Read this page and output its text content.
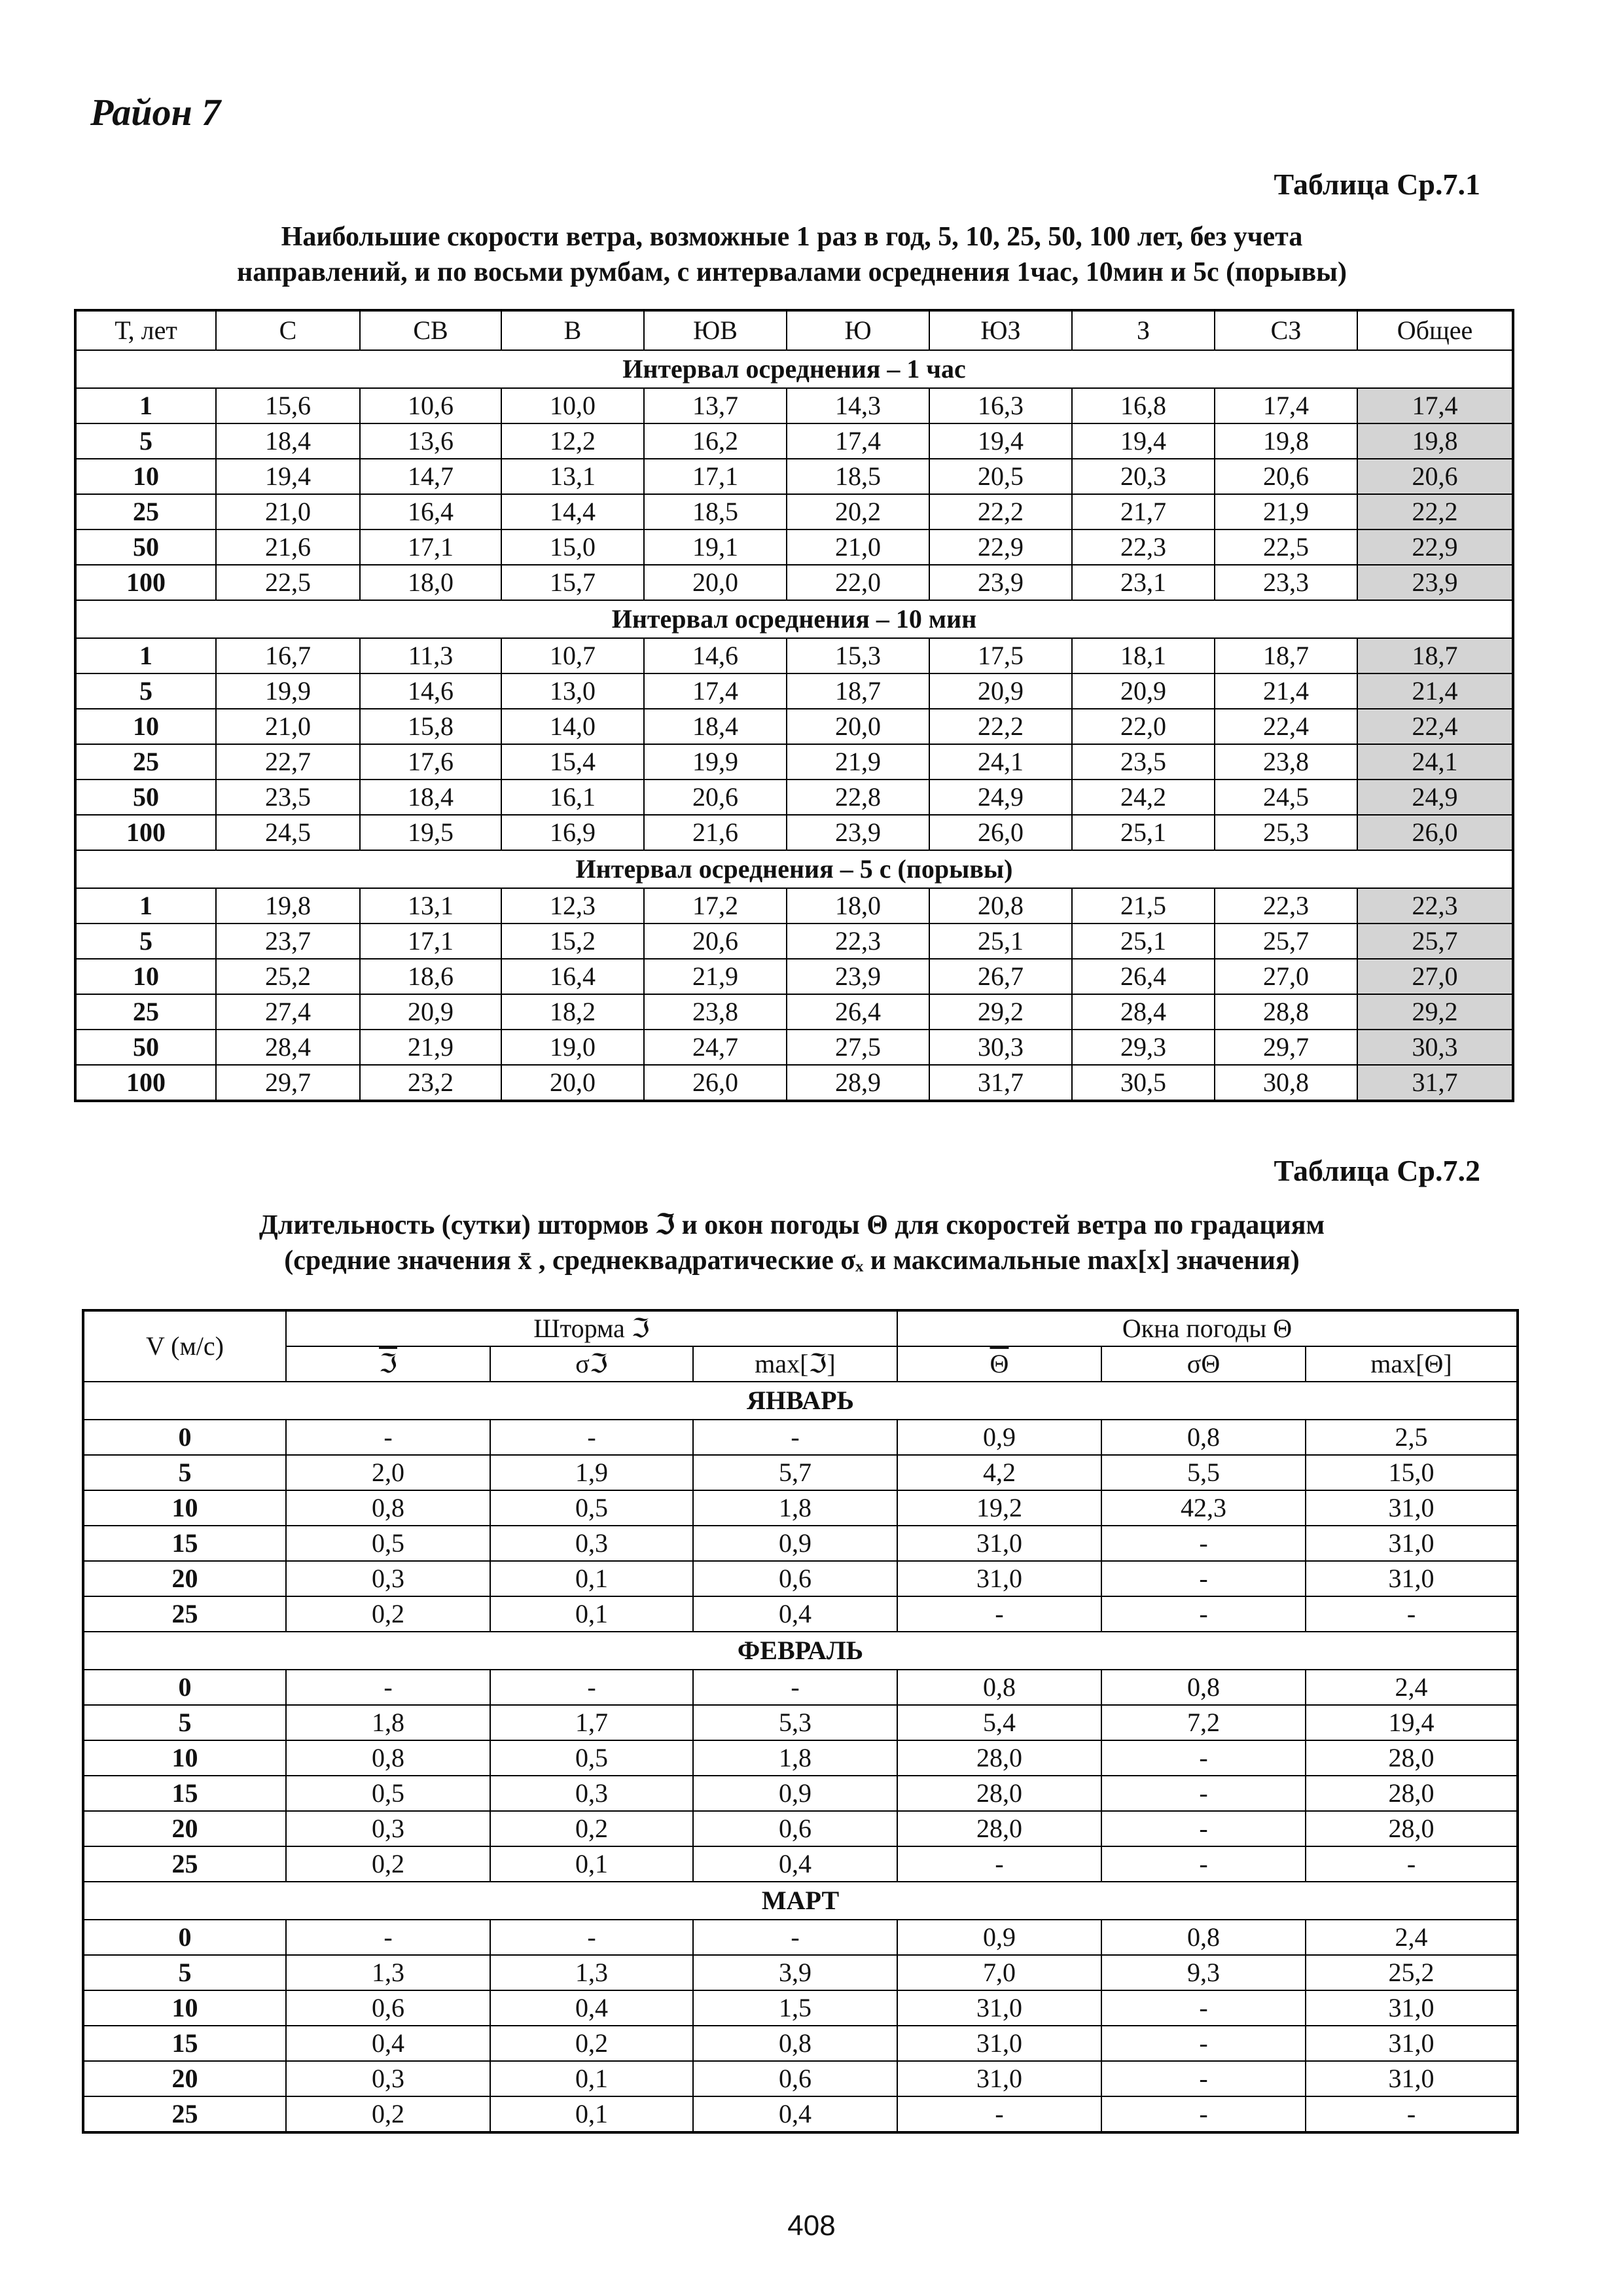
Район 7
Таблица Ср.7.1
Наибольшие скорости ветра, возможные 1 раз в год, 5, 10, 25, 50, 100 лет, без учета
направлений, и по восьми румбам, с интервалами осреднения 1час, 10мин и 5с (порывы)
Т, лет	С	СВ	В	ЮВ	Ю	ЮЗ	З	СЗ	Общее
Интервал осреднения – 1 час									
1	15,6	10,6	10,0	13,7	14,3	16,3	16,8	17,4	17,4
5	18,4	13,6	12,2	16,2	17,4	19,4	19,4	19,8	19,8
10	19,4	14,7	13,1	17,1	18,5	20,5	20,3	20,6	20,6
25	21,0	16,4	14,4	18,5	20,2	22,2	21,7	21,9	22,2
50	21,6	17,1	15,0	19,1	21,0	22,9	22,3	22,5	22,9
100	22,5	18,0	15,7	20,0	22,0	23,9	23,1	23,3	23,9
Интервал осреднения – 10 мин									
1	16,7	11,3	10,7	14,6	15,3	17,5	18,1	18,7	18,7
5	19,9	14,6	13,0	17,4	18,7	20,9	20,9	21,4	21,4
10	21,0	15,8	14,0	18,4	20,0	22,2	22,0	22,4	22,4
25	22,7	17,6	15,4	19,9	21,9	24,1	23,5	23,8	24,1
50	23,5	18,4	16,1	20,6	22,8	24,9	24,2	24,5	24,9
100	24,5	19,5	16,9	21,6	23,9	26,0	25,1	25,3	26,0
Интервал осреднения – 5 с (порывы)									
1	19,8	13,1	12,3	17,2	18,0	20,8	21,5	22,3	22,3
5	23,7	17,1	15,2	20,6	22,3	25,1	25,1	25,7	25,7
10	25,2	18,6	16,4	21,9	23,9	26,7	26,4	27,0	27,0
25	27,4	20,9	18,2	23,8	26,4	29,2	28,4	28,8	29,2
50	28,4	21,9	19,0	24,7	27,5	30,3	29,3	29,7	30,3
100	29,7	23,2	20,0	26,0	28,9	31,7	30,5	30,8	31,7
Таблица Ср.7.2
Длительность (сутки) штормов ℑ и окон погоды Θ для скоростей ветра по градациям
(средние значения x̄ , среднеквадратические σₓ и максимальные max[x] значения)
V (м/с)	Шторма ℑ			Окна погоды Θ		
	ℑ	σℑ	max[ℑ]	$\overline{\Theta}$	σΘ	max[Θ]
ЯНВАРЬ						
0	-	-	-	0,9	0,8	2,5
5	2,0	1,9	5,7	4,2	5,5	15,0
10	0,8	0,5	1,8	19,2	42,3	31,0
15	0,5	0,3	0,9	31,0	-	31,0
20	0,3	0,1	0,6	31,0	-	31,0
25	0,2	0,1	0,4	-	-	-
ФЕВРАЛЬ						
0	-	-	-	0,8	0,8	2,4
5	1,8	1,7	5,3	5,4	7,2	19,4
10	0,8	0,5	1,8	28,0	-	28,0
15	0,5	0,3	0,9	28,0	-	28,0
20	0,3	0,2	0,6	28,0	-	28,0
25	0,2	0,1	0,4	-	-	-
МАРТ						
0	-	-	-	0,9	0,8	2,4
5	1,3	1,3	3,9	7,0	9,3	25,2
10	0,6	0,4	1,5	31,0	-	31,0
15	0,4	0,2	0,8	31,0	-	31,0
20	0,3	0,1	0,6	31,0	-	31,0
25	0,2	0,1	0,4	-	-	-
408
